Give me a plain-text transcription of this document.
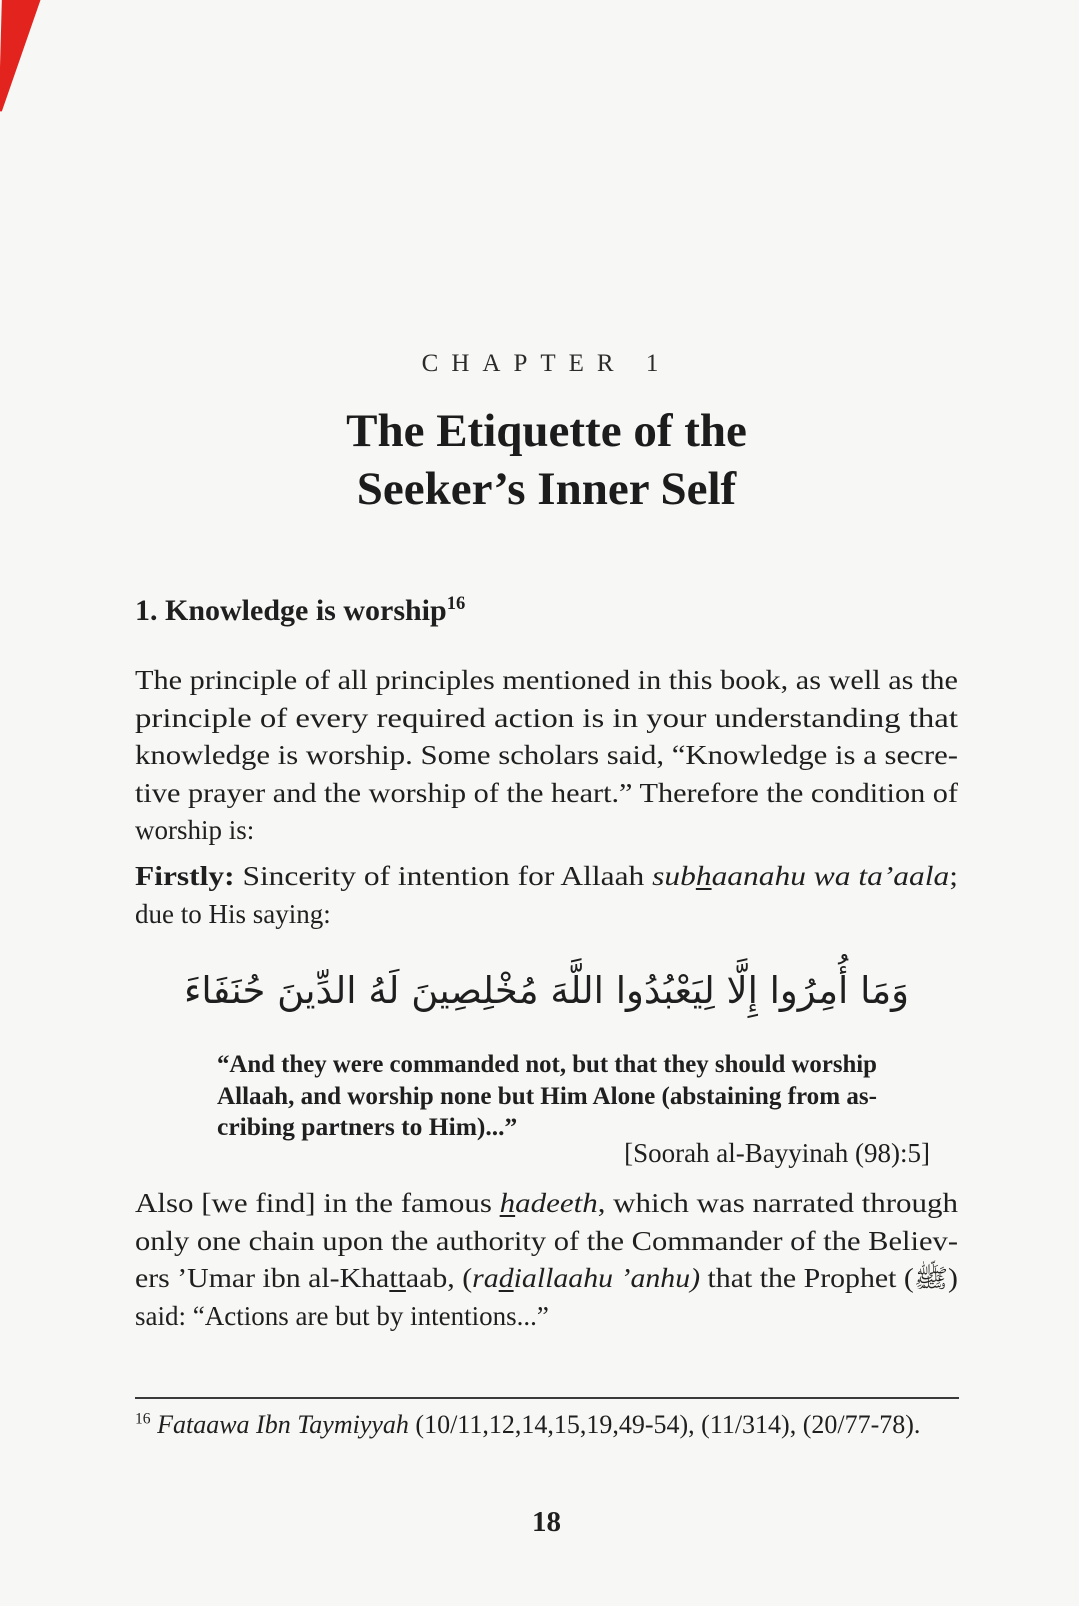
CHAPTER 1
The Etiquette of the
Seeker’s Inner Self
1. Knowledge is worship$^{16}$
The principle of all principles mentioned in this book, as well as the
principle of every required action is in your understanding that
knowledge is worship. Some scholars said, “Knowledge is a secre-
tive prayer and the worship of the heart.” Therefore the condition of
worship is:
Firstly: Sincerity of intention for Allaah subhaanahu wa ta’aala;
due to His saying:
وَمَا أُمِرُوا إِلَّا لِيَعْبُدُوا اللَّهَ مُخْلِصِينَ لَهُ الدِّينَ حُنَفَاءَ
“And they were commanded not, but that they should worship
Allaah, and worship none but Him Alone (abstaining from as-
cribing partners to Him)...”
[Soorah al-Bayyinah (98):5]
Also [we find] in the famous hadeeth, which was narrated through
only one chain upon the authority of the Commander of the Believ-
ers ’Umar ibn al-Khattaab, (radiallaahu ’anhu) that the Prophet (ﷺ)
said: “Actions are but by intentions...”
$^{16}$ Fataawa Ibn Taymiyyah (10/11,12,14,15,19,49-54), (11/314), (20/77-78).
18
